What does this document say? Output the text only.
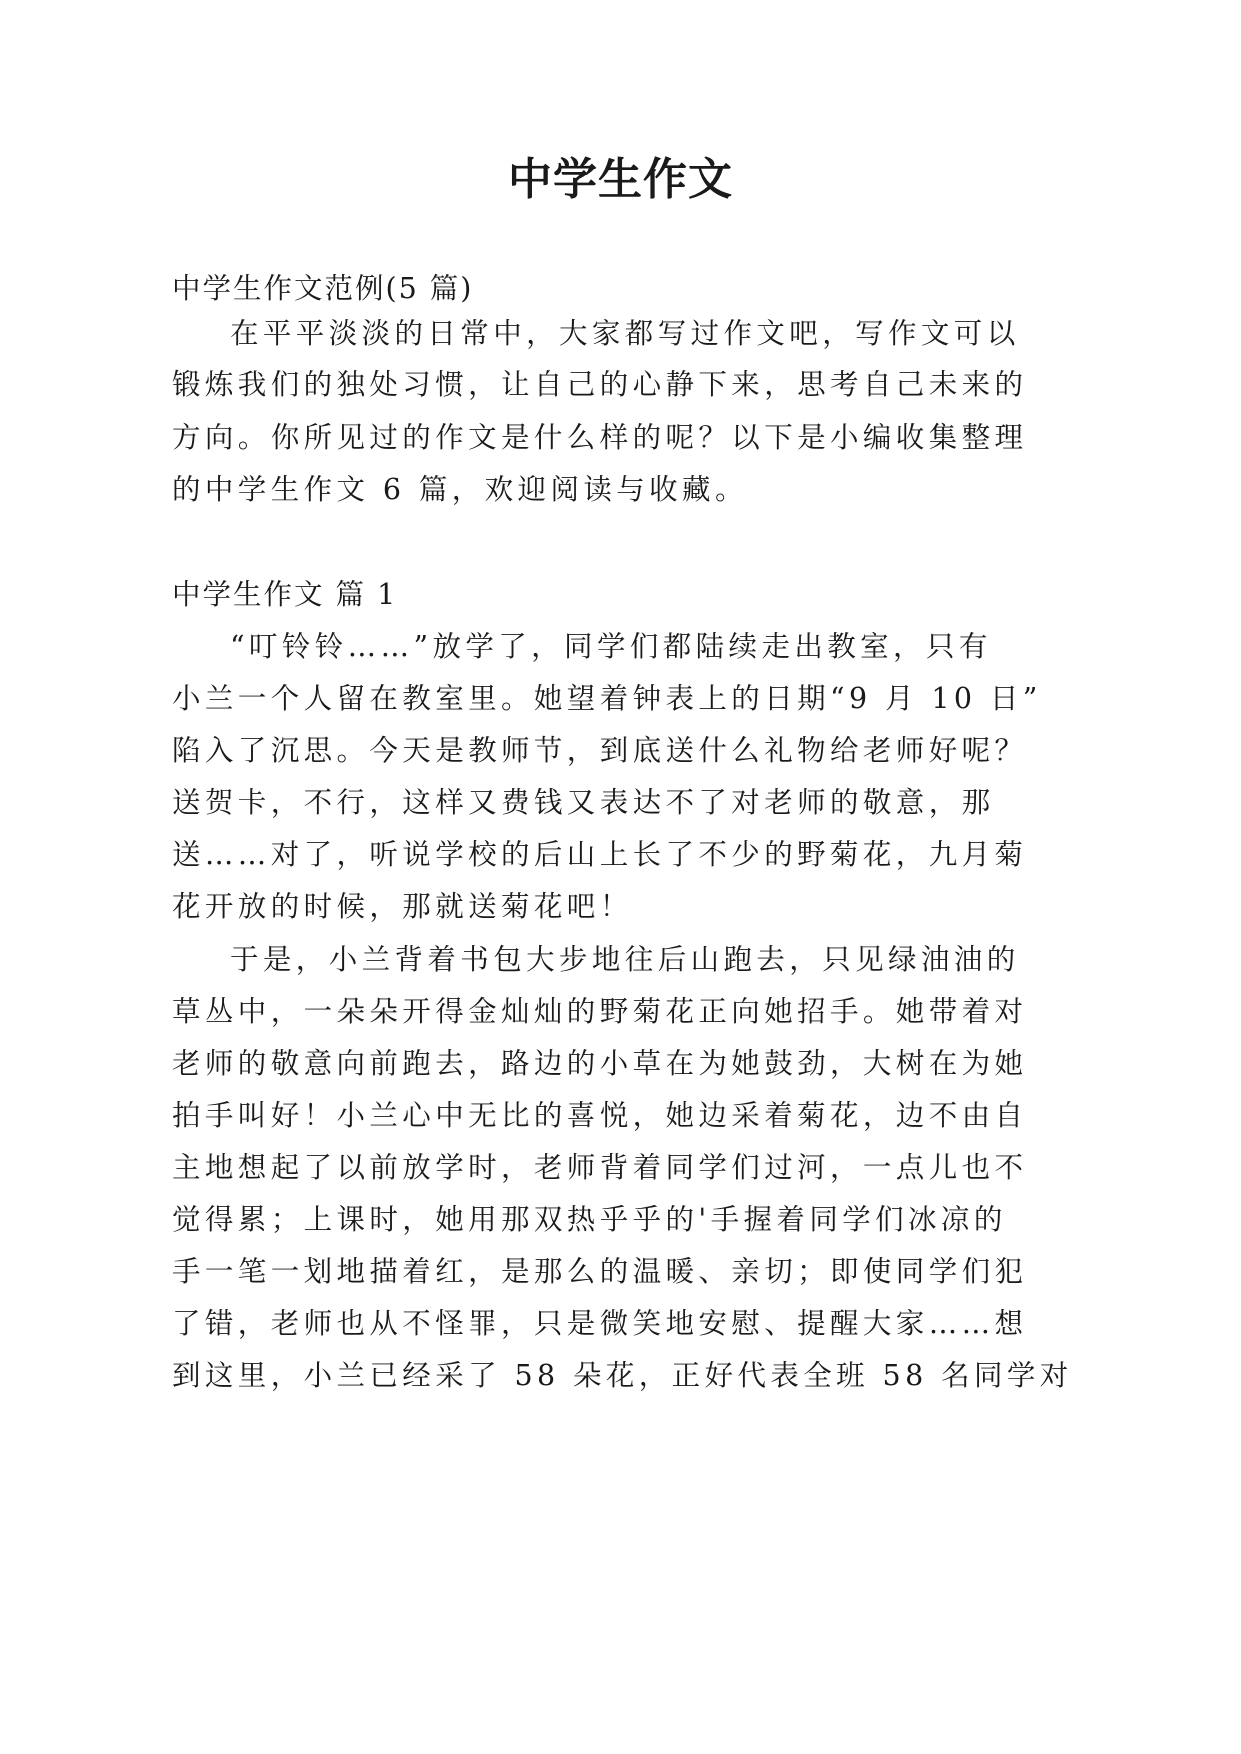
中学生作文
中学生作文范例(5 篇)
在平平淡淡的日常中，大家都写过作文吧，写作文可以
锻炼我们的独处习惯，让自己的心静下来，思考自己未来的
方向。你所见过的作文是什么样的呢？以下是小编收集整理
的中学生作文 6 篇，欢迎阅读与收藏。
中学生作文 篇 1
“叮铃铃……”放学了，同学们都陆续走出教室，只有
小兰一个人留在教室里。她望着钟表上的日期“9 月 10 日”
陷入了沉思。今天是教师节，到底送什么礼物给老师好呢？
送贺卡，不行，这样又费钱又表达不了对老师的敬意，那
送……对了，听说学校的后山上长了不少的野菊花，九月菊
花开放的时候，那就送菊花吧！
于是，小兰背着书包大步地往后山跑去，只见绿油油的
草丛中，一朵朵开得金灿灿的野菊花正向她招手。她带着对
老师的敬意向前跑去，路边的小草在为她鼓劲，大树在为她
拍手叫好！小兰心中无比的喜悦，她边采着菊花，边不由自
主地想起了以前放学时，老师背着同学们过河，一点儿也不
觉得累；上课时，她用那双热乎乎的'手握着同学们冰凉的
手一笔一划地描着红，是那么的温暖、亲切；即使同学们犯
了错，老师也从不怪罪，只是微笑地安慰、提醒大家……想
到这里，小兰已经采了 58 朵花，正好代表全班 58 名同学对
